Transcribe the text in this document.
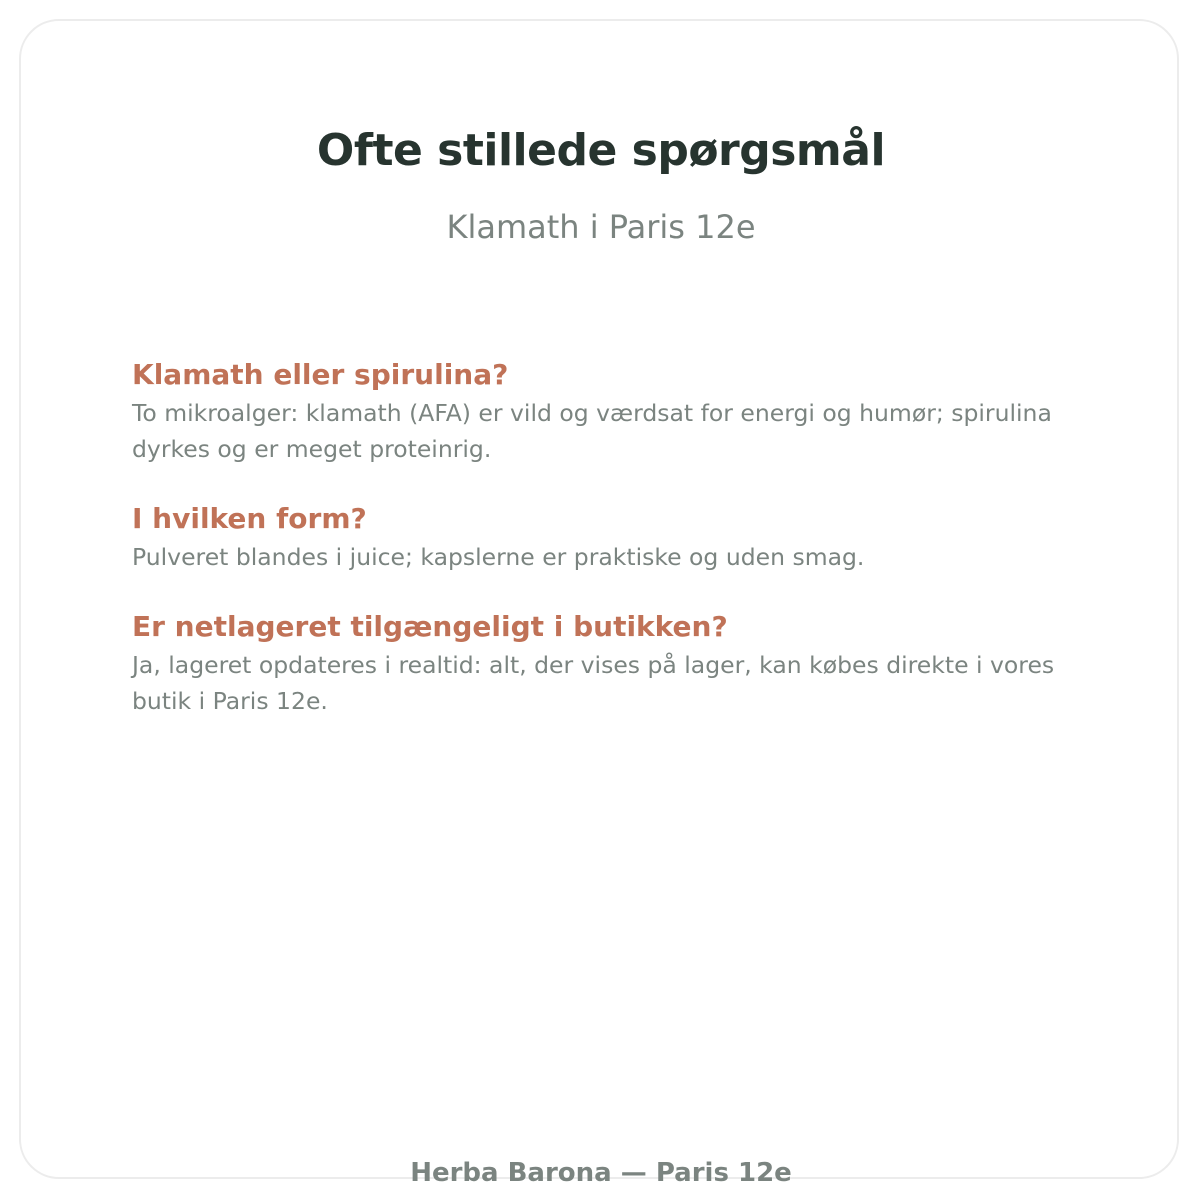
Ofte stillede spørgsmål

Klamath i Paris 12e

Klamath eller spirulina?

To mikroalger: klamath (AFA) er vild og værdsat for energi og humør; spirulina dyrkes og er meget proteinrig.

I hvilken form?

Pulveret blandes i juice; kapslerne er praktiske og uden smag.

Er netlageret tilgængeligt i butikken?

Ja, lageret opdateres i realtid: alt, der vises på lager, kan købes direkte i vores butik i Paris 12e.

Herba Barona — Paris 12e
